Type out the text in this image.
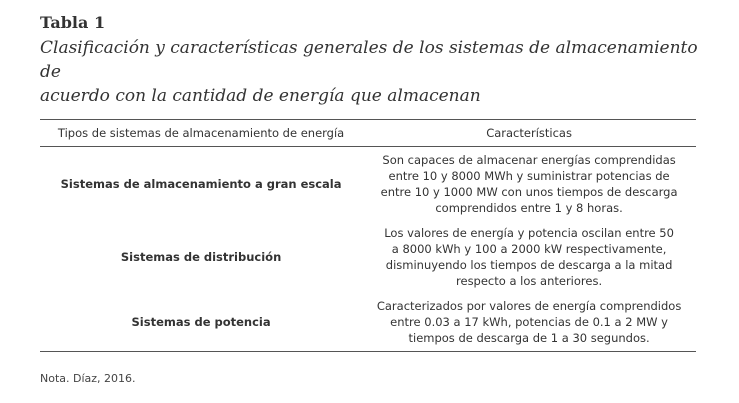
Tabla 1

Clasificación y características generales de los sistemas de almacenamiento de
acuerdo con la cantidad de energía que almacenan

Tipos de sistemas de almacenamiento de energía	Características
Sistemas de almacenamiento a gran escala	Son capaces de almacenar energías comprendidas
entre 10 y 8000 MWh y suministrar potencias de
entre 10 y 1000 MW con unos tiempos de descarga
comprendidos entre 1 y 8 horas.
Sistemas de distribución	Los valores de energía y potencia oscilan entre 50
a 8000 kWh y 100 a 2000 kW respectivamente,
disminuyendo los tiempos de descarga a la mitad
respecto a los anteriores.
Sistemas de potencia	Caracterizados por valores de energía comprendidos
entre 0.03 a 17 kWh, potencias de 0.1 a 2 MW y
tiempos de descarga de 1 a 30 segundos.

Nota. Díaz, 2016.
